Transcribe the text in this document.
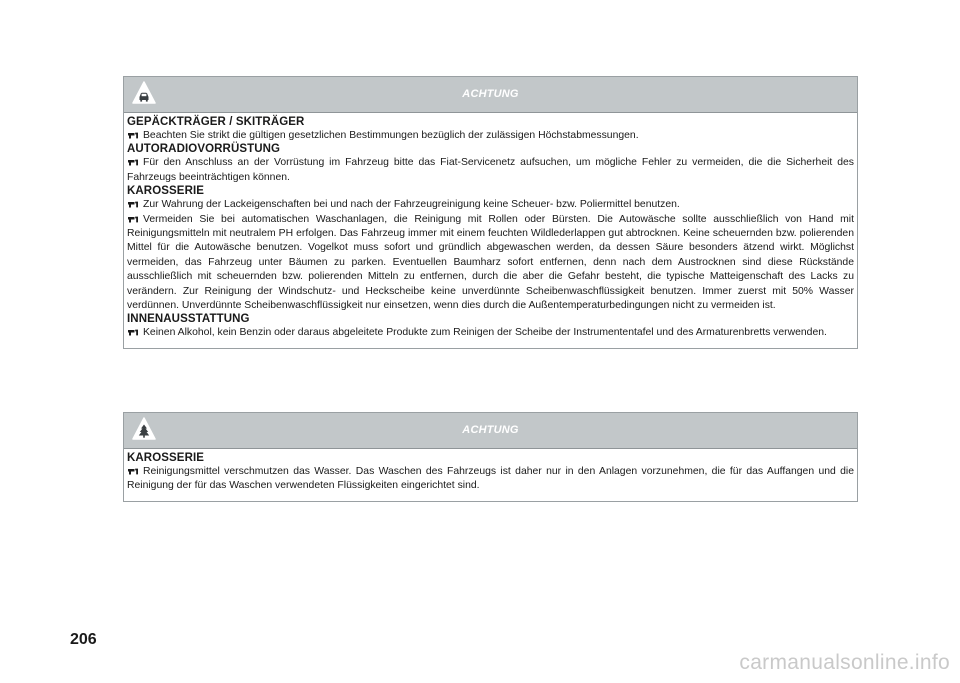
ACHTUNG

GEPÄCKTRÄGER / SKITRÄGER

Beachten Sie strikt die gültigen gesetzlichen Bestimmungen bezüglich der zulässigen Höchstabmessungen.

AUTORADIOVORRÜSTUNG

Für den Anschluss an der Vorrüstung im Fahrzeug bitte das Fiat-Servicenetz aufsuchen, um mögliche Fehler zu vermeiden, die die Sicherheit des Fahrzeugs beeinträchtigen können.

KAROSSERIE

Zur Wahrung der Lackeigenschaften bei und nach der Fahrzeugreinigung keine Scheuer- bzw. Poliermittel benutzen.

Vermeiden Sie bei automatischen Waschanlagen, die Reinigung mit Rollen oder Bürsten. Die Autowäsche sollte ausschließlich von Hand mit Reinigungsmitteln mit neutralem PH erfolgen. Das Fahrzeug immer mit einem feuchten Wildlederlappen gut abtrocknen. Keine scheuernden bzw. polierenden Mittel für die Autowäsche benutzen. Vogelkot muss sofort und gründlich abgewaschen werden, da dessen Säure besonders ätzend wirkt. Möglichst vermeiden, das Fahrzeug unter Bäumen zu parken. Eventuellen Baumharz sofort entfernen, denn nach dem Austrocknen sind diese Rückstände ausschließlich mit scheuernden bzw. polierenden Mitteln zu entfernen, durch die aber die Gefahr besteht, die typische Matteigenschaft des Lacks zu verändern. Zur Reinigung der Windschutz- und Heckscheibe keine unverdünnte Scheibenwaschflüssigkeit benutzen. Immer zuerst mit 50% Wasser verdünnen. Unverdünnte Scheibenwaschflüssigkeit nur einsetzen, wenn dies durch die Außentemperaturbedingungen nicht zu vermeiden ist.

INNENAUSSTATTUNG

Keinen Alkohol, kein Benzin oder daraus abgeleitete Produkte zum Reinigen der Scheibe der Instrumententafel und des Armaturenbretts verwenden.

ACHTUNG

KAROSSERIE

Reinigungsmittel verschmutzen das Wasser. Das Waschen des Fahrzeugs ist daher nur in den Anlagen vorzunehmen, die für das Auffangen und die Reinigung der für das Waschen verwendeten Flüssigkeiten eingerichtet sind.

206
carmanualsonline.info
